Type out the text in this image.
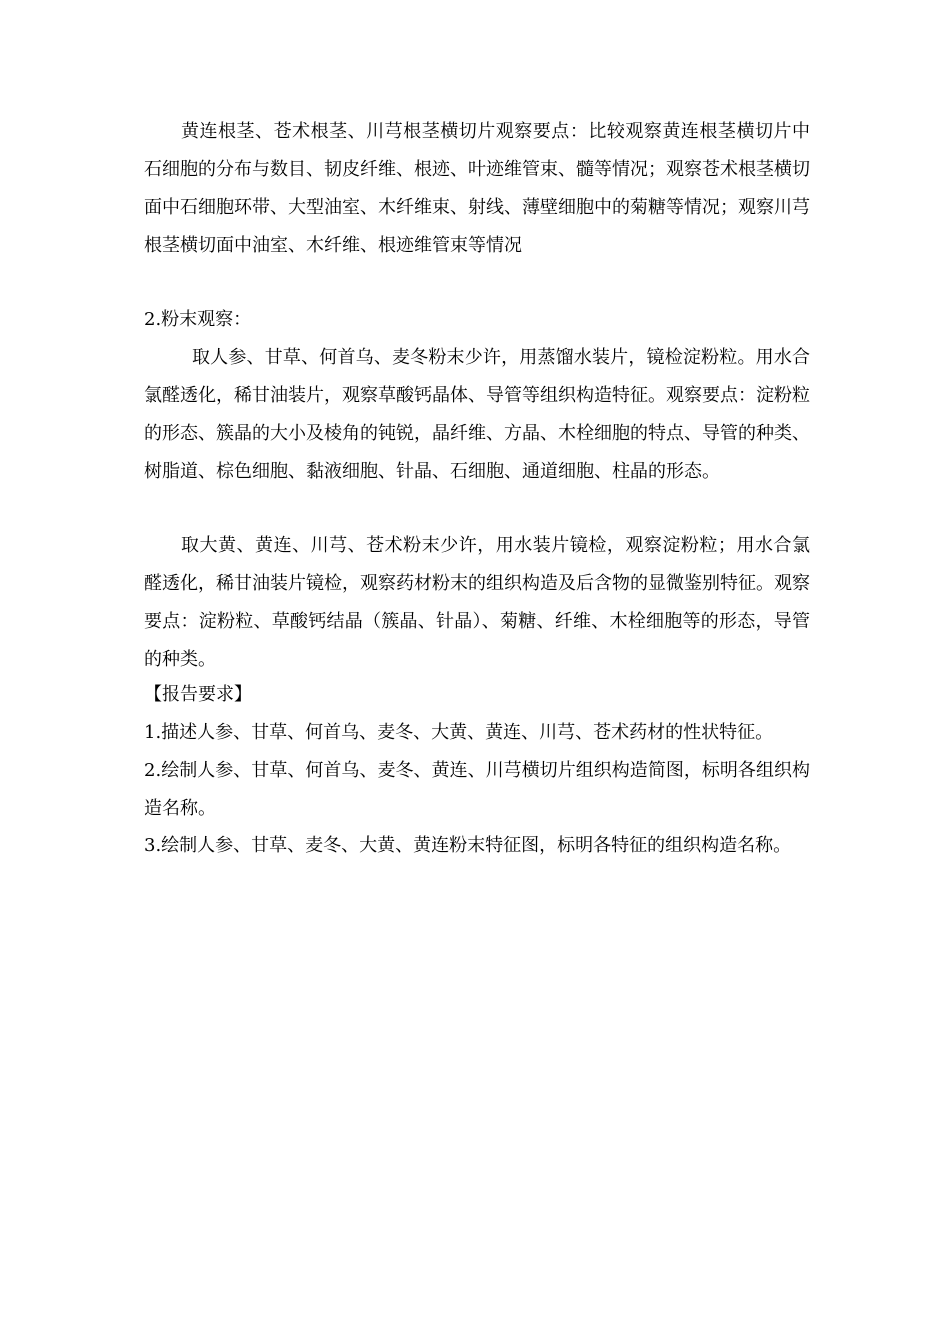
黄连根茎、苍术根茎、川芎根茎横切片观察要点：比较观察黄连根茎横切片中石细胞的分布与数目、韧皮纤维、根迹、叶迹维管束、髓等情况；观察苍术根茎横切面中石细胞环带、大型油室、木纤维束、射线、薄壁细胞中的菊糖等情况；观察川芎根茎横切面中油室、木纤维、根迹维管束等情况

2.粉末观察：

取人参、甘草、何首乌、麦冬粉末少许，用蒸馏水装片，镜检淀粉粒。用水合氯醛透化，稀甘油装片，观察草酸钙晶体、导管等组织构造特征。观察要点：淀粉粒的形态、簇晶的大小及棱角的钝锐，晶纤维、方晶、木栓细胞的特点、导管的种类、树脂道、棕色细胞、黏液细胞、针晶、石细胞、通道细胞、柱晶的形态。

取大黄、黄连、川芎、苍术粉末少许，用水装片镜检，观察淀粉粒；用水合氯醛透化，稀甘油装片镜检，观察药材粉末的组织构造及后含物的显微鉴别特征。观察要点：淀粉粒、草酸钙结晶（簇晶、针晶）、菊糖、纤维、木栓细胞等的形态，导管的种类。

【报告要求】

1.描述人参、甘草、何首乌、麦冬、大黄、黄连、川芎、苍术药材的性状特征。

2.绘制人参、甘草、何首乌、麦冬、黄连、川芎横切片组织构造简图，标明各组织构造名称。

3.绘制人参、甘草、麦冬、大黄、黄连粉末特征图，标明各特征的组织构造名称。
